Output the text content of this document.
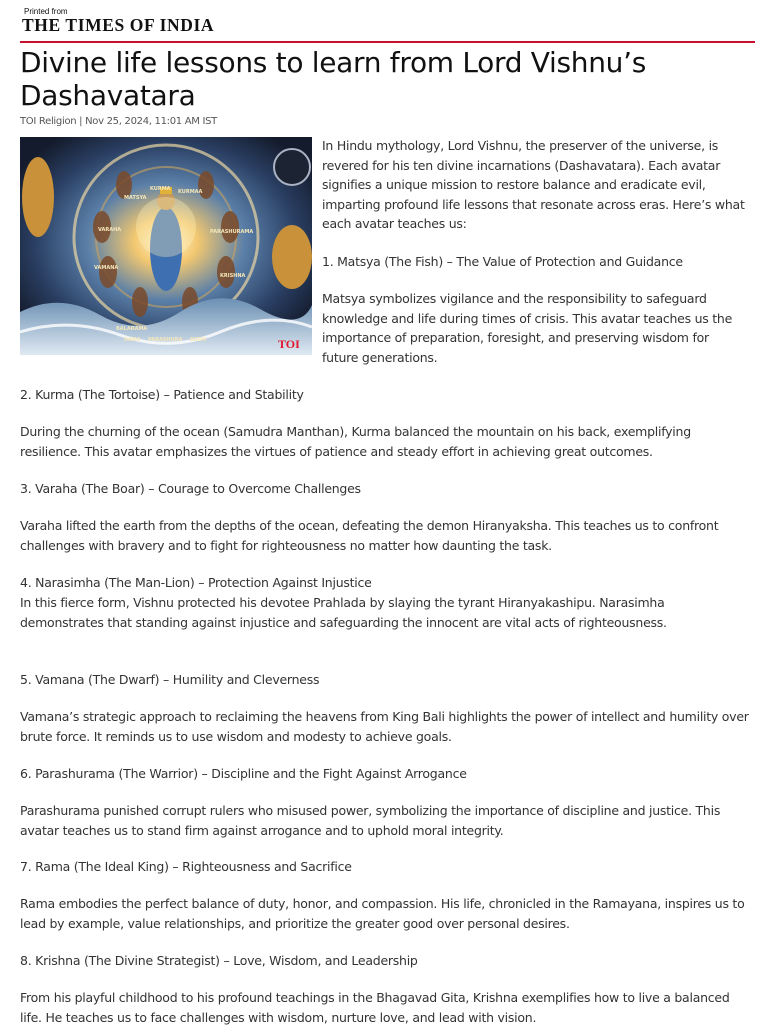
Printed from
THE TIMES OF INDIA
Divine life lessons to learn from Lord Vishnu’s Dashavatara
TOI Religion | Nov 25, 2024, 11:01 AM IST
KURMA KURMAA
MATSYA
VARAHA
VAMANA
PARASHURAMA
BALARAMA
RAMA PARASHURA BUDH
KRISHNA
TOI

In Hindu mythology, Lord Vishnu, the preserver of the universe, is revered for his ten divine incarnations (Dashavatara). Each avatar signifies a unique mission to restore balance and eradicate evil, imparting profound life lessons that resonate across eras. Here’s what each avatar teaches us:

1. Matsya (The Fish) – The Value of Protection and Guidance

Matsya symbolizes vigilance and the responsibility to safeguard knowledge and life during times of crisis. This avatar teaches us the importance of preparation, foresight, and preserving wisdom for future generations.

2. Kurma (The Tortoise) – Patience and Stability

During the churning of the ocean (Samudra Manthan), Kurma balanced the mountain on his back, exemplifying resilience. This avatar emphasizes the virtues of patience and steady effort in achieving great outcomes.

3. Varaha (The Boar) – Courage to Overcome Challenges

Varaha lifted the earth from the depths of the ocean, defeating the demon Hiranyaksha. This teaches us to confront challenges with bravery and to fight for righteousness no matter how daunting the task.

4. Narasimha (The Man-Lion) – Protection Against Injustice

In this fierce form, Vishnu protected his devotee Prahlada by slaying the tyrant Hiranyakashipu. Narasimha demonstrates that standing against injustice and safeguarding the innocent are vital acts of righteousness.

5. Vamana (The Dwarf) – Humility and Cleverness

Vamana’s strategic approach to reclaiming the heavens from King Bali highlights the power of intellect and humility over brute force. It reminds us to use wisdom and modesty to achieve goals.

6. Parashurama (The Warrior) – Discipline and the Fight Against Arrogance

Parashurama punished corrupt rulers who misused power, symbolizing the importance of discipline and justice. This avatar teaches us to stand firm against arrogance and to uphold moral integrity.

7. Rama (The Ideal King) – Righteousness and Sacrifice

Rama embodies the perfect balance of duty, honor, and compassion. His life, chronicled in the Ramayana, inspires us to lead by example, value relationships, and prioritize the greater good over personal desires.

8. Krishna (The Divine Strategist) – Love, Wisdom, and Leadership

From his playful childhood to his profound teachings in the Bhagavad Gita, Krishna exemplifies how to live a balanced life. He teaches us to face challenges with wisdom, nurture love, and lead with vision.
